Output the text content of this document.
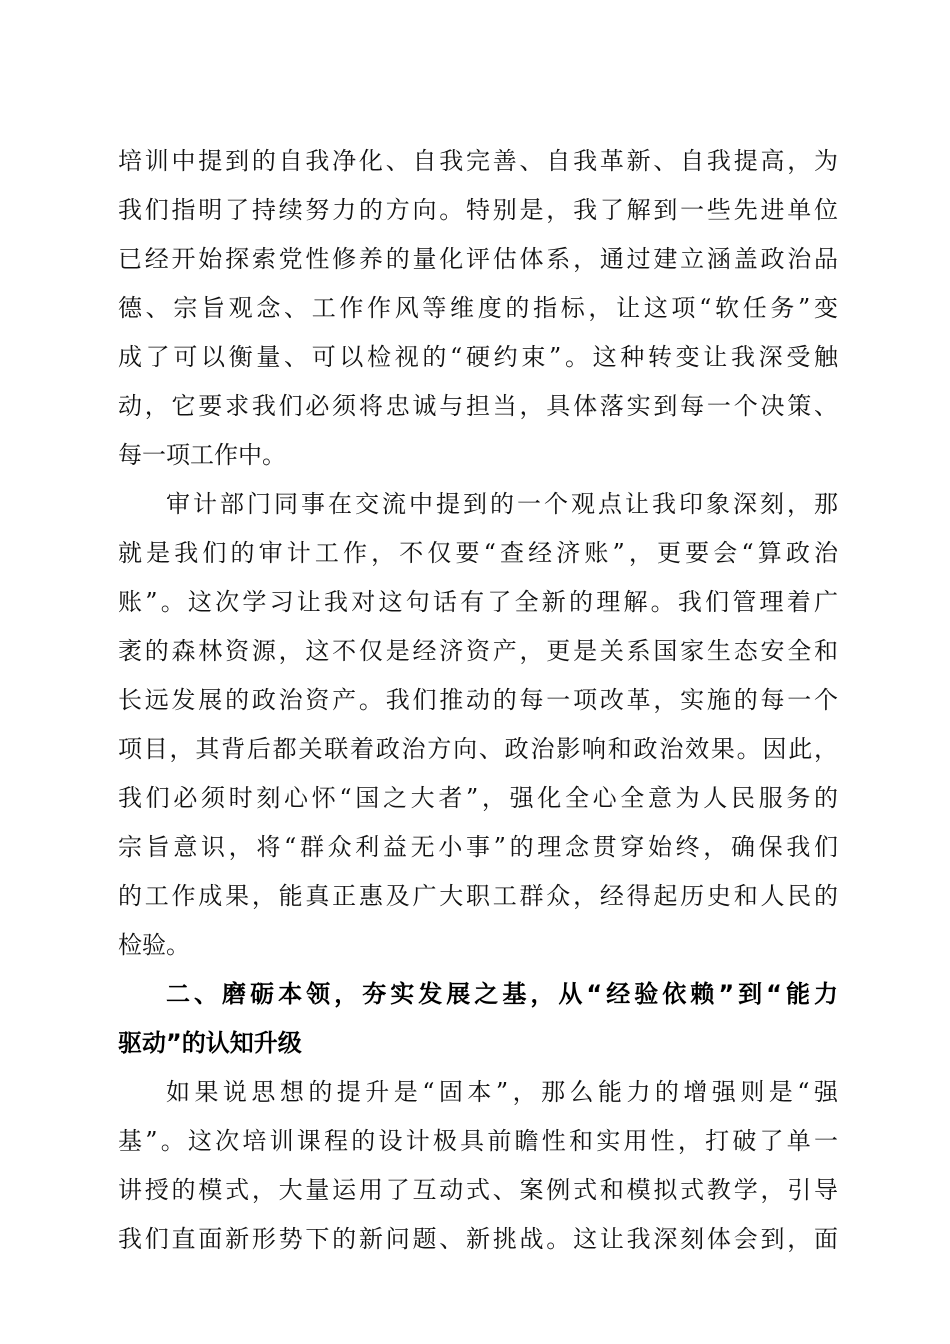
培训中提到的自我净化、自我完善、自我革新、自我提高，为
我们指明了持续努力的方向。特别是，我了解到一些先进单位
已经开始探索党性修养的量化评估体系，通过建立涵盖政治品
德、宗旨观念、工作作风等维度的指标，让这项“软任务”变
成了可以衡量、可以检视的“硬约束”。这种转变让我深受触
动，它要求我们必须将忠诚与担当，具体落实到每一个决策、
每一项工作中。
审计部门同事在交流中提到的一个观点让我印象深刻，那
就是我们的审计工作，不仅要“查经济账”，更要会“算政治
账”。这次学习让我对这句话有了全新的理解。我们管理着广
袤的森林资源，这不仅是经济资产，更是关系国家生态安全和
长远发展的政治资产。我们推动的每一项改革，实施的每一个
项目，其背后都关联着政治方向、政治影响和政治效果。因此，
我们必须时刻心怀“国之大者”，强化全心全意为人民服务的
宗旨意识，将“群众利益无小事”的理念贯穿始终，确保我们
的工作成果，能真正惠及广大职工群众，经得起历史和人民的
检验。
二、磨砺本领，夯实发展之基，从“经验依赖”到“能力
驱动”的认知升级
如果说思想的提升是“固本”，那么能力的增强则是“强
基”。这次培训课程的设计极具前瞻性和实用性，打破了单一
讲授的模式，大量运用了互动式、案例式和模拟式教学，引导
我们直面新形势下的新问题、新挑战。这让我深刻体会到，面
